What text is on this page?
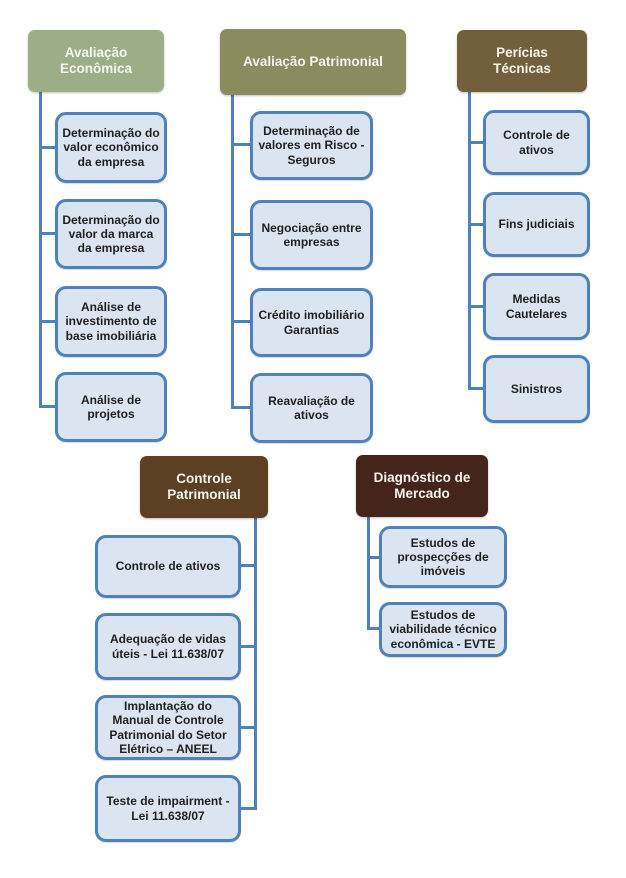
Avaliação Econômica
Determinação do valor econômico da empresa
Determinação do valor da marca da empresa
Análise de investimento de base imobiliária
Análise de projetos
Avaliação Patrimonial
Determinação de valores em Risco - Seguros
Negociação entre empresas
Crédito imobiliário Garantias
Reavaliação de ativos
Perícias Técnicas
Controle de ativos
Fins judiciais
Medidas Cautelares
Sinistros
Controle Patrimonial
Controle de ativos
Adequação de vidas úteis - Lei 11.638/07
Implantação do Manual de Controle Patrimonial do Setor Elétrico – ANEEL
Teste de impairment - Lei 11.638/07
Diagnóstico de Mercado
Estudos de prospecções de imóveis
Estudos de viabilidade técnico econômica - EVTE
